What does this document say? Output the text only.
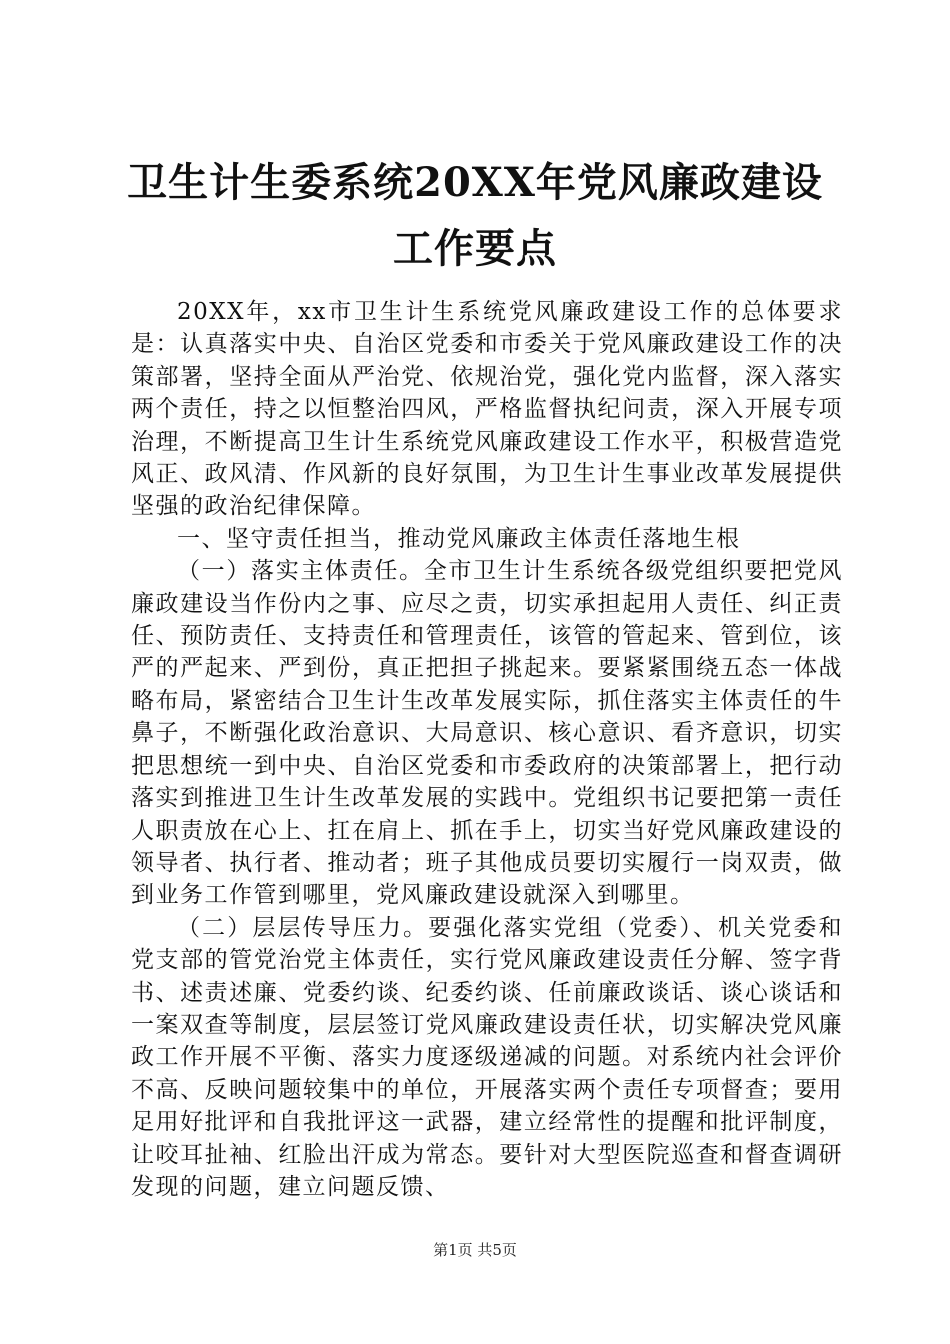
卫生计生委系统20XX年党风廉政建设工作要点

20XX年，xx市卫生计生系统党风廉政建设工作的总体要求是：认真落实中央、自治区党委和市委关于党风廉政建设工作的决策部署，坚持全面从严治党、依规治党，强化党内监督，深入落实两个责任，持之以恒整治四风，严格监督执纪问责，深入开展专项治理，不断提高卫生计生系统党风廉政建设工作水平，积极营造党风正、政风清、作风新的良好氛围，为卫生计生事业改革发展提供坚强的政治纪律保障。

一、坚守责任担当，推动党风廉政主体责任落地生根

（一）落实主体责任。全市卫生计生系统各级党组织要把党风廉政建设当作份内之事、应尽之责，切实承担起用人责任、纠正责任、预防责任、支持责任和管理责任，该管的管起来、管到位，该严的严起来、严到份，真正把担子挑起来。要紧紧围绕五态一体战略布局，紧密结合卫生计生改革发展实际，抓住落实主体责任的牛鼻子，不断强化政治意识、大局意识、核心意识、看齐意识，切实把思想统一到中央、自治区党委和市委政府的决策部署上，把行动落实到推进卫生计生改革发展的实践中。党组织书记要把第一责任人职责放在心上、扛在肩上、抓在手上，切实当好党风廉政建设的领导者、执行者、推动者；班子其他成员要切实履行一岗双责，做到业务工作管到哪里，党风廉政建设就深入到哪里。

（二）层层传导压力。要强化落实党组（党委）、机关党委和党支部的管党治党主体责任，实行党风廉政建设责任分解、签字背书、述责述廉、党委约谈、纪委约谈、任前廉政谈话、谈心谈话和一案双查等制度，层层签订党风廉政建设责任状，切实解决党风廉政工作开展不平衡、落实力度逐级递减的问题。对系统内社会评价不高、反映问题较集中的单位，开展落实两个责任专项督查；要用足用好批评和自我批评这一武器，建立经常性的提醒和批评制度，让咬耳扯袖、红脸出汗成为常态。要针对大型医院巡查和督查调研发现的问题，建立问题反馈、

第1页 共5页
